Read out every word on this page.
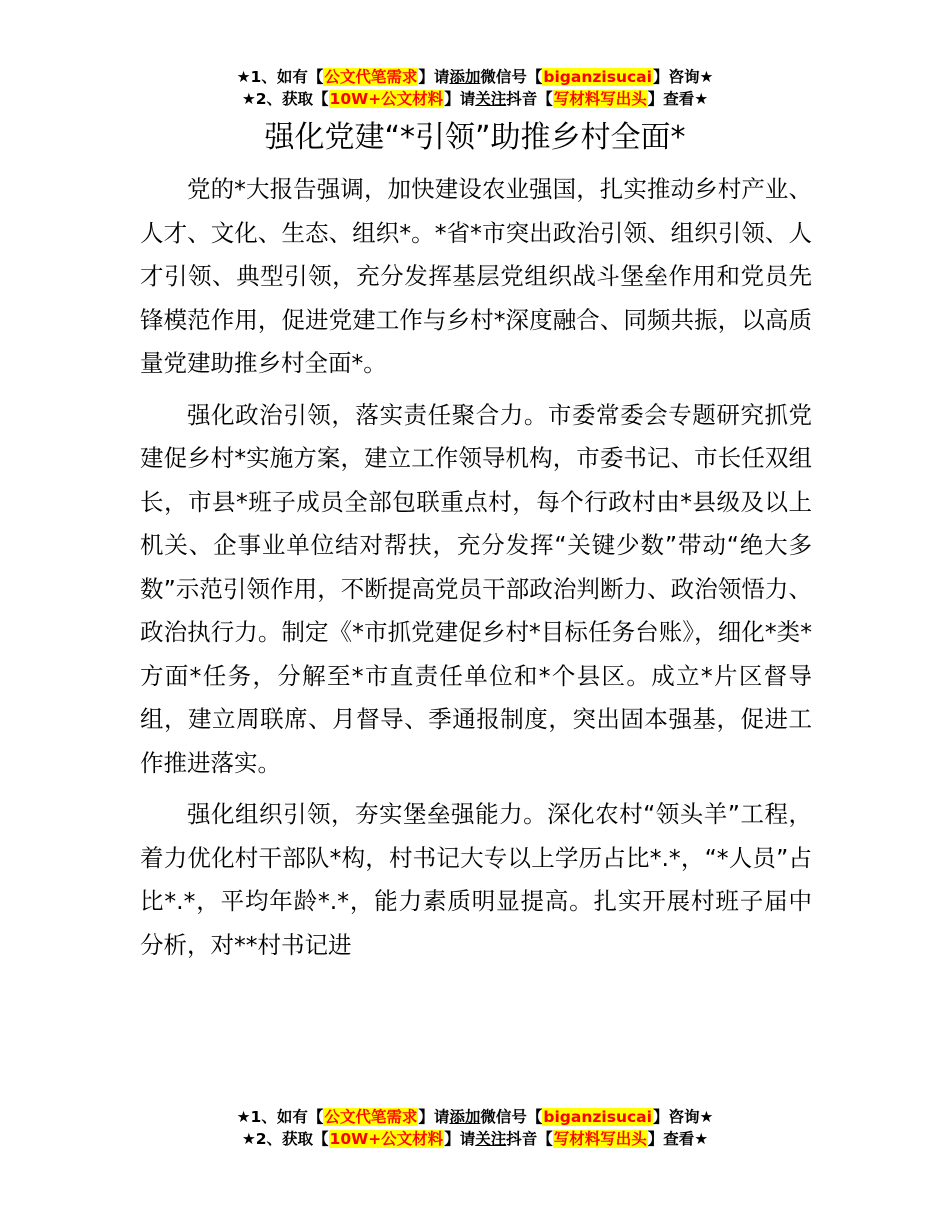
★1、如有【公文代笔需求】请添加微信号【biganzisucai】咨询★
★2、获取【10W+公文材料】请关注抖音【写材料写出头】查看★
强化党建“*引领”助推乡村全面*

党的*大报告强调，加快建设农业强国，扎实推动乡村产业、人才、文化、生态、组织*。*省*市突出政治引领、组织引领、人才引领、典型引领，充分发挥基层党组织战斗堡垒作用和党员先锋模范作用，促进党建工作与乡村*深度融合、同频共振，以高质量党建助推乡村全面*。

强化政治引领，落实责任聚合力。市委常委会专题研究抓党建促乡村*实施方案，建立工作领导机构，市委书记、市长任双组长，市县*班子成员全部包联重点村，每个行政村由*县级及以上机关、企事业单位结对帮扶，充分发挥“关键少数”带动“绝大多数”示范引领作用，不断提高党员干部政治判断力、政治领悟力、政治执行力。制定《*市抓党建促乡村*目标任务台账》，细化*类*方面*任务，分解至*市直责任单位和*个县区。成立*片区督导组，建立周联席、月督导、季通报制度，突出固本强基，促进工作推进落实。

强化组织引领，夯实堡垒强能力。深化农村“领头羊”工程，着力优化村干部队*构，村书记大专以上学历占比*.*，“*人员”占比*.*，平均年龄*.*，能力素质明显提高。扎实开展村班子届中分析，对**村书记进

★1、如有【公文代笔需求】请添加微信号【biganzisucai】咨询★
★2、获取【10W+公文材料】请关注抖音【写材料写出头】查看★
